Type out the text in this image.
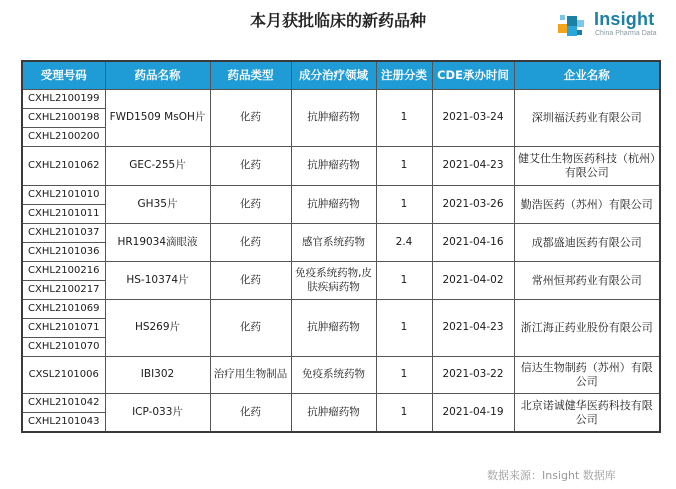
本月获批临床的新药品种	Insight
China Pharma Data
受理号码	药品名称	药品类型	成分治疗领域	注册分类	CDE承办时间	企业名称
CXHL2100199	FWD1509 MsOH片	化药	抗肿瘤药物	1	2021-03-24	深圳福沃药业有限公司
CXHL2100198						
CXHL2100200						
CXHL2101062	GEC-255片	化药	抗肿瘤药物	1	2021-04-23	健艾仕生物医药科技（杭州）有限公司
CXHL2101010	GH35片	化药	抗肿瘤药物	1	2021-03-26	勤浩医药（苏州）有限公司
CXHL2101011						
CXHL2101037	HR19034滴眼液	化药	感官系统药物	2.4	2021-04-16	成都盛迪医药有限公司
CXHL2101036						
CXHL2100216	HS-10374片	化药	免疫系统药物,皮肤疾病药物	1	2021-04-02	常州恒邦药业有限公司
CXHL2100217						
CXHL2101069	HS269片	化药	抗肿瘤药物	1	2021-04-23	浙江海正药业股份有限公司
CXHL2101071						
CXHL2101070						
CXSL2101006	IBI302	治疗用生物制品	免疫系统药物	1	2021-03-22	信达生物制药（苏州）有限公司
CXHL2101042	ICP-033片	化药	抗肿瘤药物	1	2021-04-19	北京诺诚健华医药科技有限公司
CXHL2101043						
数据来源：Insight 数据库
